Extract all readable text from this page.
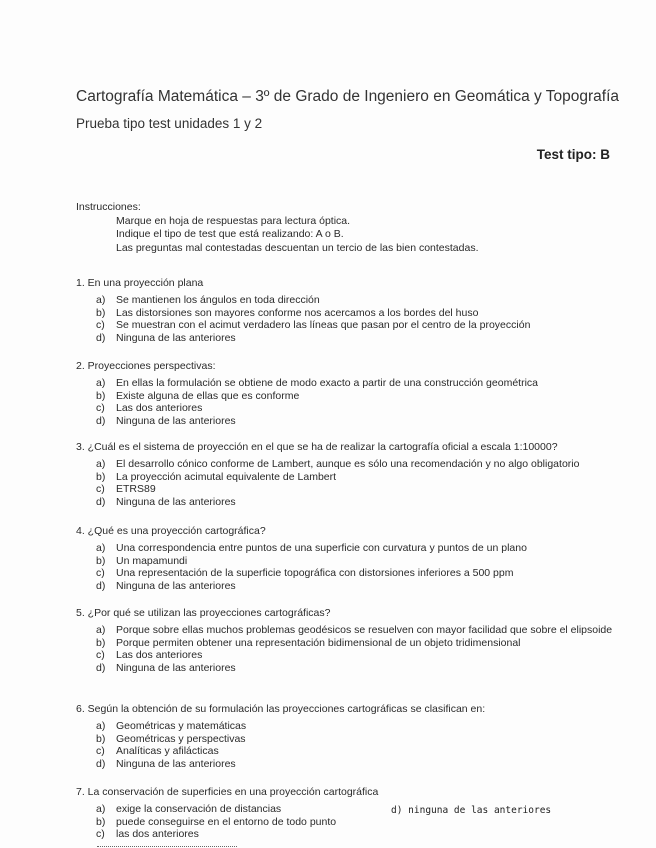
Cartografía Matemática – 3º de Grado de Ingeniero en Geomática y Topografía
Prueba tipo test unidades 1 y 2
Test tipo: B
Instrucciones:
Marque en hoja de respuestas para lectura óptica.
Indique el tipo de test que está realizando: A o B.
Las preguntas mal contestadas descuentan un tercio de las bien contestadas.
1. En una proyección plana
a)	Se mantienen los ángulos en toda dirección
b)	Las distorsiones son mayores conforme nos acercamos a los bordes del huso
c)	Se muestran con el acimut verdadero las líneas que pasan por el centro de la proyección
d)	Ninguna de las anteriores
2. Proyecciones perspectivas:
a)	En ellas la formulación se obtiene de modo exacto a partir de una construcción geométrica
b)	Existe alguna de ellas que es conforme
c)	Las dos anteriores
d)	Ninguna de las anteriores
3. ¿Cuál es el sistema de proyección en el que se ha de realizar la cartografía oficial a escala 1:10000?
a)	El desarrollo cónico conforme de Lambert, aunque es sólo una recomendación y no algo obligatorio
b)	La proyección acimutal equivalente de Lambert
c)	ETRS89
d)	Ninguna de las anteriores
4. ¿Qué es una proyección cartográfica?
a)	Una correspondencia entre puntos de una superficie con curvatura y puntos de un plano
b)	Un mapamundi
c)	Una representación de la superficie topográfica con distorsiones inferiores a 500 ppm
d)	Ninguna de las anteriores
5. ¿Por qué se utilizan las proyecciones cartográficas?
a)	Porque sobre ellas muchos problemas geodésicos se resuelven con mayor facilidad que sobre el elipsoide
b)	Porque permiten obtener una representación bidimensional de un objeto tridimensional
c)	Las dos anteriores
d)	Ninguna de las anteriores
6. Según la obtención de su formulación las proyecciones cartográficas se clasifican en:
a)	Geométricas y matemáticas
b)	Geométricas y perspectivas
c)	Analíticas y afilácticas
d)	Ninguna de las anteriores
7. La conservación de superficies en una proyección cartográfica
a)	exige la conservación de distancias
b)	puede conseguirse en el entorno de todo punto
c)	las dos anteriores
d) ninguna de las anteriores
